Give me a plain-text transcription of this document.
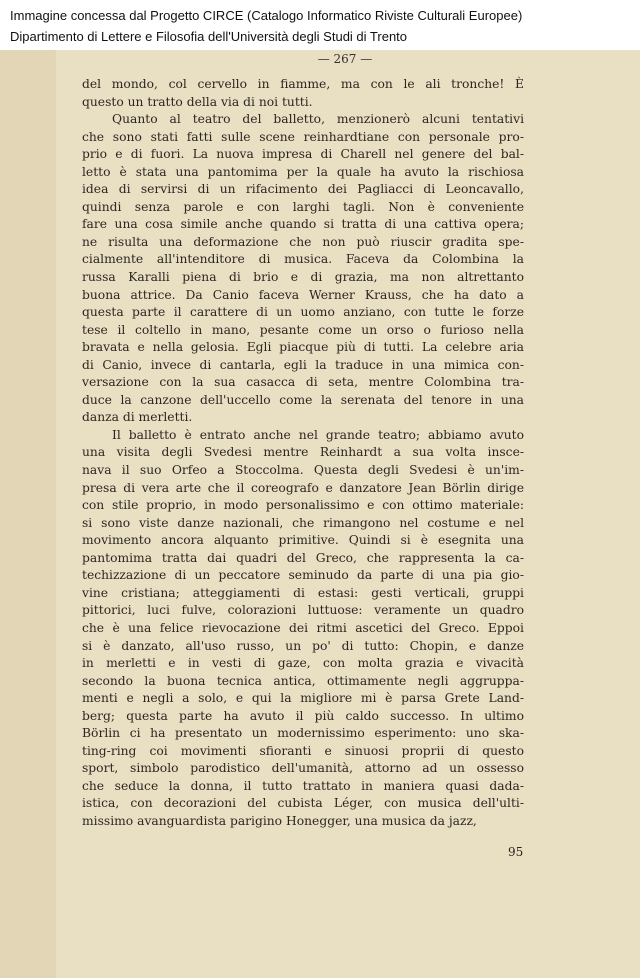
Immagine concessa dal Progetto CIRCE (Catalogo Informatico Riviste Culturali Europee)
Dipartimento di Lettere e Filosofia dell'Università degli Studi di Trento
— 267 —
del mondo, col cervello in fiamme, ma con le ali tronche! È
questo un tratto della via di noi tutti.
Quanto al teatro del balletto, menzionerò alcuni tentativi
che sono stati fatti sulle scene reinhardtiane con personale pro-
prio e di fuori. La nuova impresa di Charell nel genere del bal-
letto è stata una pantomima per la quale ha avuto la rischiosa
idea di servirsi di un rifacimento dei Pagliacci di Leoncavallo,
quindi senza parole e con larghi tagli. Non è conveniente
fare una cosa simile anche quando si tratta di una cattiva opera;
ne risulta una deformazione che non può riuscir gradita spe-
cialmente all'intenditore di musica. Faceva da Colombina la
russa Karalli piena di brio e di grazia, ma non altrettanto
buona attrice. Da Canio faceva Werner Krauss, che ha dato a
questa parte il carattere di un uomo anziano, con tutte le forze
tese il coltello in mano, pesante come un orso o furioso nella
bravata e nella gelosia. Egli piacque più di tutti. La celebre aria
di Canio, invece di cantarla, egli la traduce in una mimica con-
versazione con la sua casacca di seta, mentre Colombina tra-
duce la canzone dell'uccello come la serenata del tenore in una
danza di merletti.
Il balletto è entrato anche nel grande teatro; abbiamo avuto
una visita degli Svedesi mentre Reinhardt a sua volta insce-
nava il suo Orfeo a Stoccolma. Questa degli Svedesi è un'im-
presa di vera arte che il coreografo e danzatore Jean Börlin dirige
con stile proprio, in modo personalissimo e con ottimo materiale:
si sono viste danze nazionali, che rimangono nel costume e nel
movimento ancora alquanto primitive. Quindi si è esegnita una
pantomima tratta dai quadri del Greco, che rappresenta la ca-
techizzazione di un peccatore seminudo da parte di una pia gio-
vine cristiana; atteggiamenti di estasi: gesti verticali, gruppi
pittorici, luci fulve, colorazioni luttuose: veramente un quadro
che è una felice rievocazione dei ritmi ascetici del Greco. Eppoi
si è danzato, all'uso russo, un po' di tutto: Chopin, e danze
in merletti e in vesti di gaze, con molta grazia e vivacità
secondo la buona tecnica antica, ottimamente negli aggruppa-
menti e negli a solo, e qui la migliore mi è parsa Grete Land-
berg; questa parte ha avuto il più caldo successo. In ultimo
Börlin ci ha presentato un modernissimo esperimento: uno ska-
ting-ring coi movimenti sfioranti e sinuosi proprii di questo
sport, simbolo parodistico dell'umanità, attorno ad un ossesso
che seduce la donna, il tutto trattato in maniera quasi dada-
istica, con decorazioni del cubista Léger, con musica dell'ulti-
missimo avanguardista parigino Honegger, una musica da jazz,
95
